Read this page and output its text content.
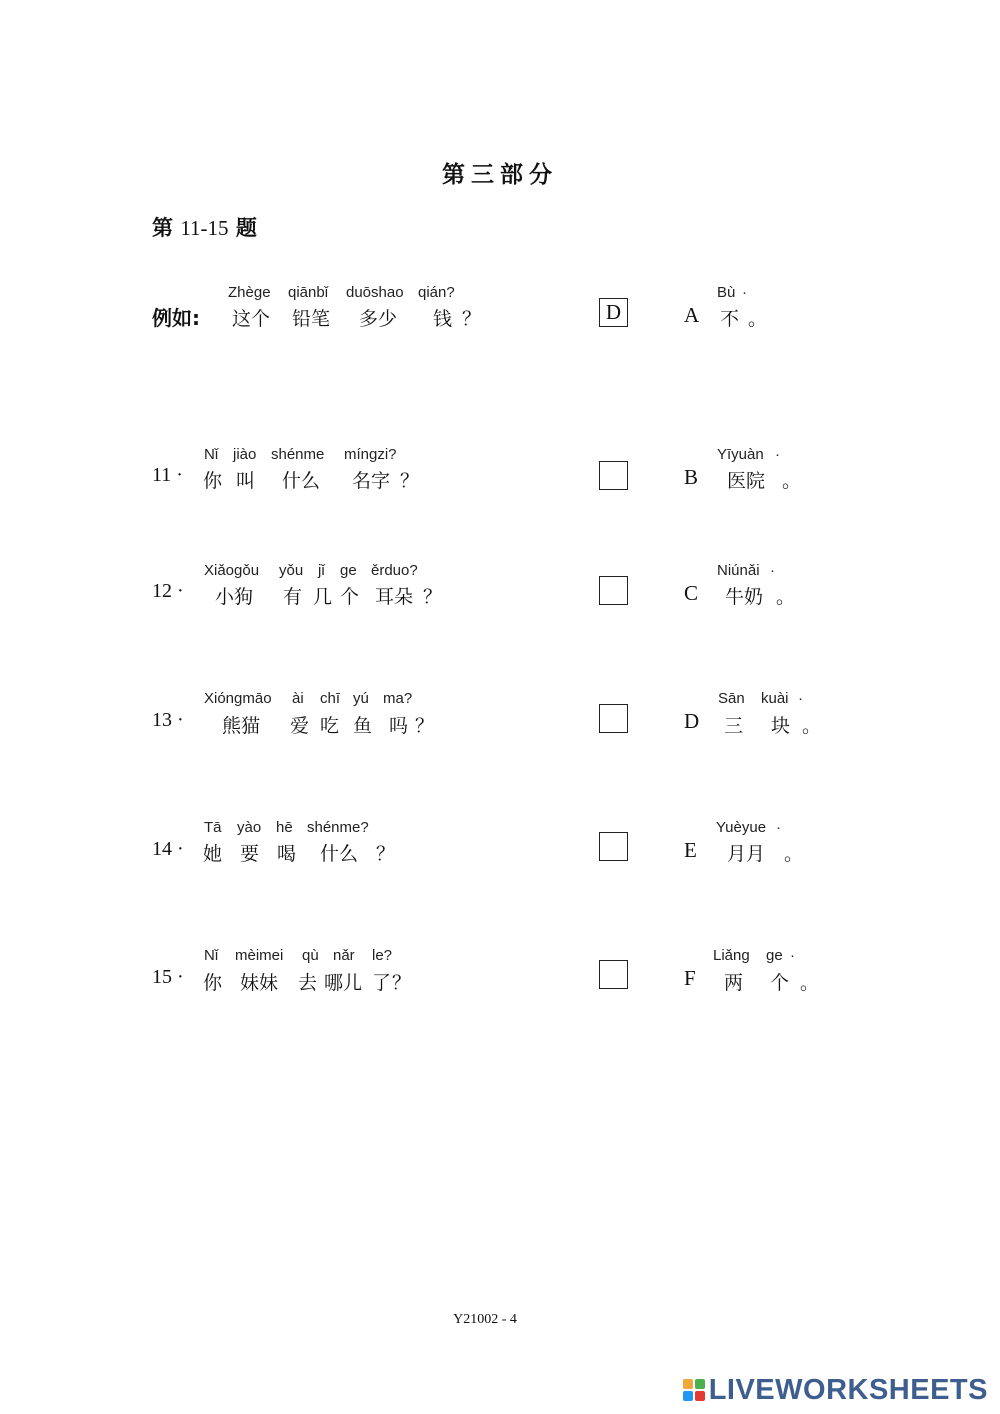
第三部分
第 11-15 题
例如:
Zhège qiānbǐ duōshao qián?
这个 铅笔 多少 钱 ？	D
11 ·
Nǐ jiào shénme míngzi?
你 叫 什么 名字 ？
12 ·
Xiǎogǒu yǒu jǐ ge ěrduo?
小狗 有 几 个 耳朵 ？
13 ·
Xióngmāo ài chī yú ma?
熊猫 爱 吃 鱼 吗 ？
14 ·
Tā yào hē shénme?
她 要 喝 什么 ？
15 ·
Nǐ mèimei qù nǎr le?
你 妹妹 去 哪儿 了 ？
Bù ·
A 不 。
Yīyuàn ·
B 医院 。
Niúnǎi ·
C 牛奶 。
Sān kuài ·
D 三 块 。
Yuèyue ·
E 月月 。
Liǎng ge ·
F 两 个 。
Y21002 - 4
LIVEWORKSHEETS
